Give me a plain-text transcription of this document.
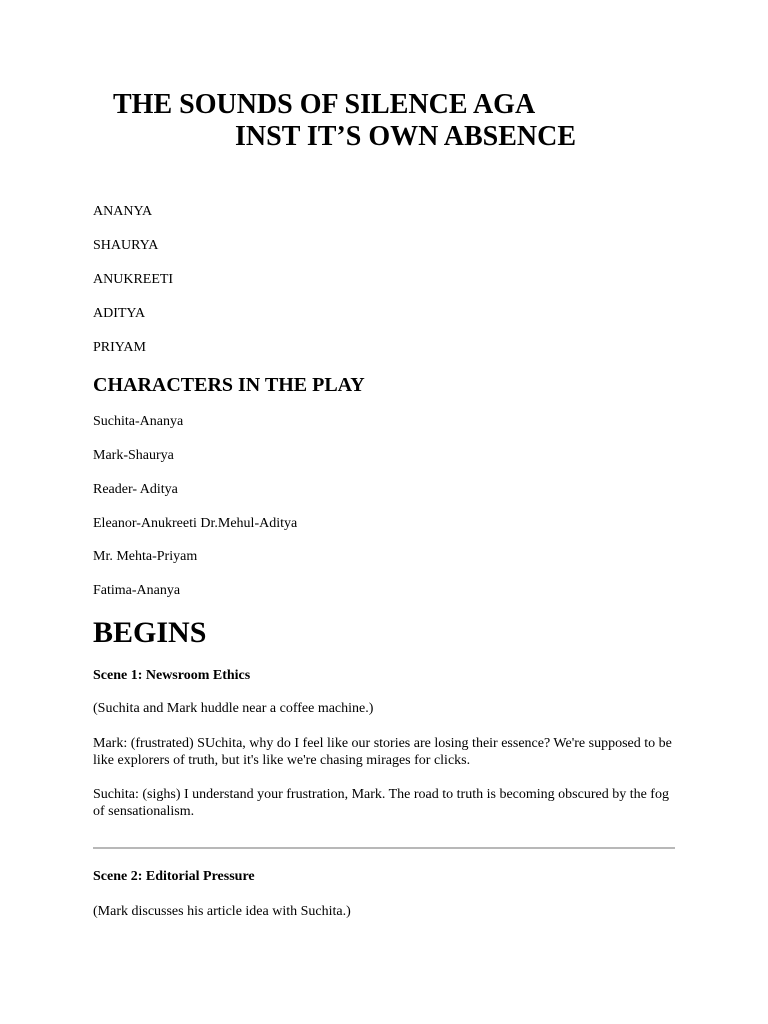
THE SOUNDS OF SILENCE AGA
INST IT’S OWN ABSENCE
ANANYA
SHAURYA
ANUKREETI
ADITYA
PRIYAM
CHARACTERS IN THE PLAY
Suchita-Ananya
Mark-Shaurya
Reader- Aditya
Eleanor-Anukreeti Dr.Mehul-Aditya
Mr. Mehta-Priyam
Fatima-Ananya
BEGINS
Scene 1: Newsroom Ethics
(Suchita and Mark huddle near a coffee machine.)
Mark: (frustrated) SUchita, why do I feel like our stories are losing their essence? We're supposed to be like explorers of truth, but it's like we're chasing mirages for clicks.
Suchita: (sighs) I understand your frustration, Mark. The road to truth is becoming obscured by the fog of sensationalism.
Scene 2: Editorial Pressure
(Mark discusses his article idea with Suchita.)
